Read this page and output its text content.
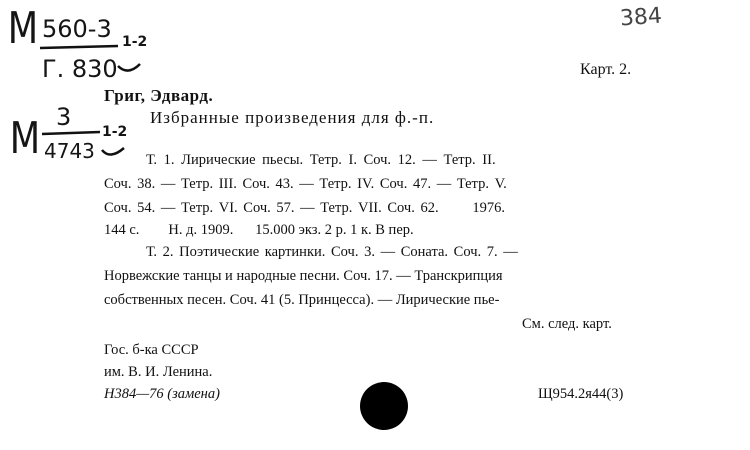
М 560-3
Г. 830
1-2
384
Карт. 2.
Григ, Эдвард.
М 3
4743
1-2
Избранные произведения для ф.-п.
Т. 1. Лирические пьесы. Тетр. I. Соч. 12. — Тетр. II.
Соч. 38. — Тетр. III. Соч. 43. — Тетр. IV. Соч. 47. — Тетр. V.
Соч. 54. — Тетр. VI. Соч. 57. — Тетр. VII. Соч. 62.      1976.
144 с.        Н. д. 1909.      15.000 экз. 2 р. 1 к. В пер.
Т. 2. Поэтические картинки. Соч. 3. — Соната. Соч. 7. —
Норвежские танцы и народные песни. Соч. 17. — Транскрипция
собственных песен. Соч. 41 (5. Принцесса). — Лирические пье-
См. след. карт.
Гос. б-ка СССР
им. В. И. Ленина.
Н384—76 (замена)	Щ954.2я44(3)
